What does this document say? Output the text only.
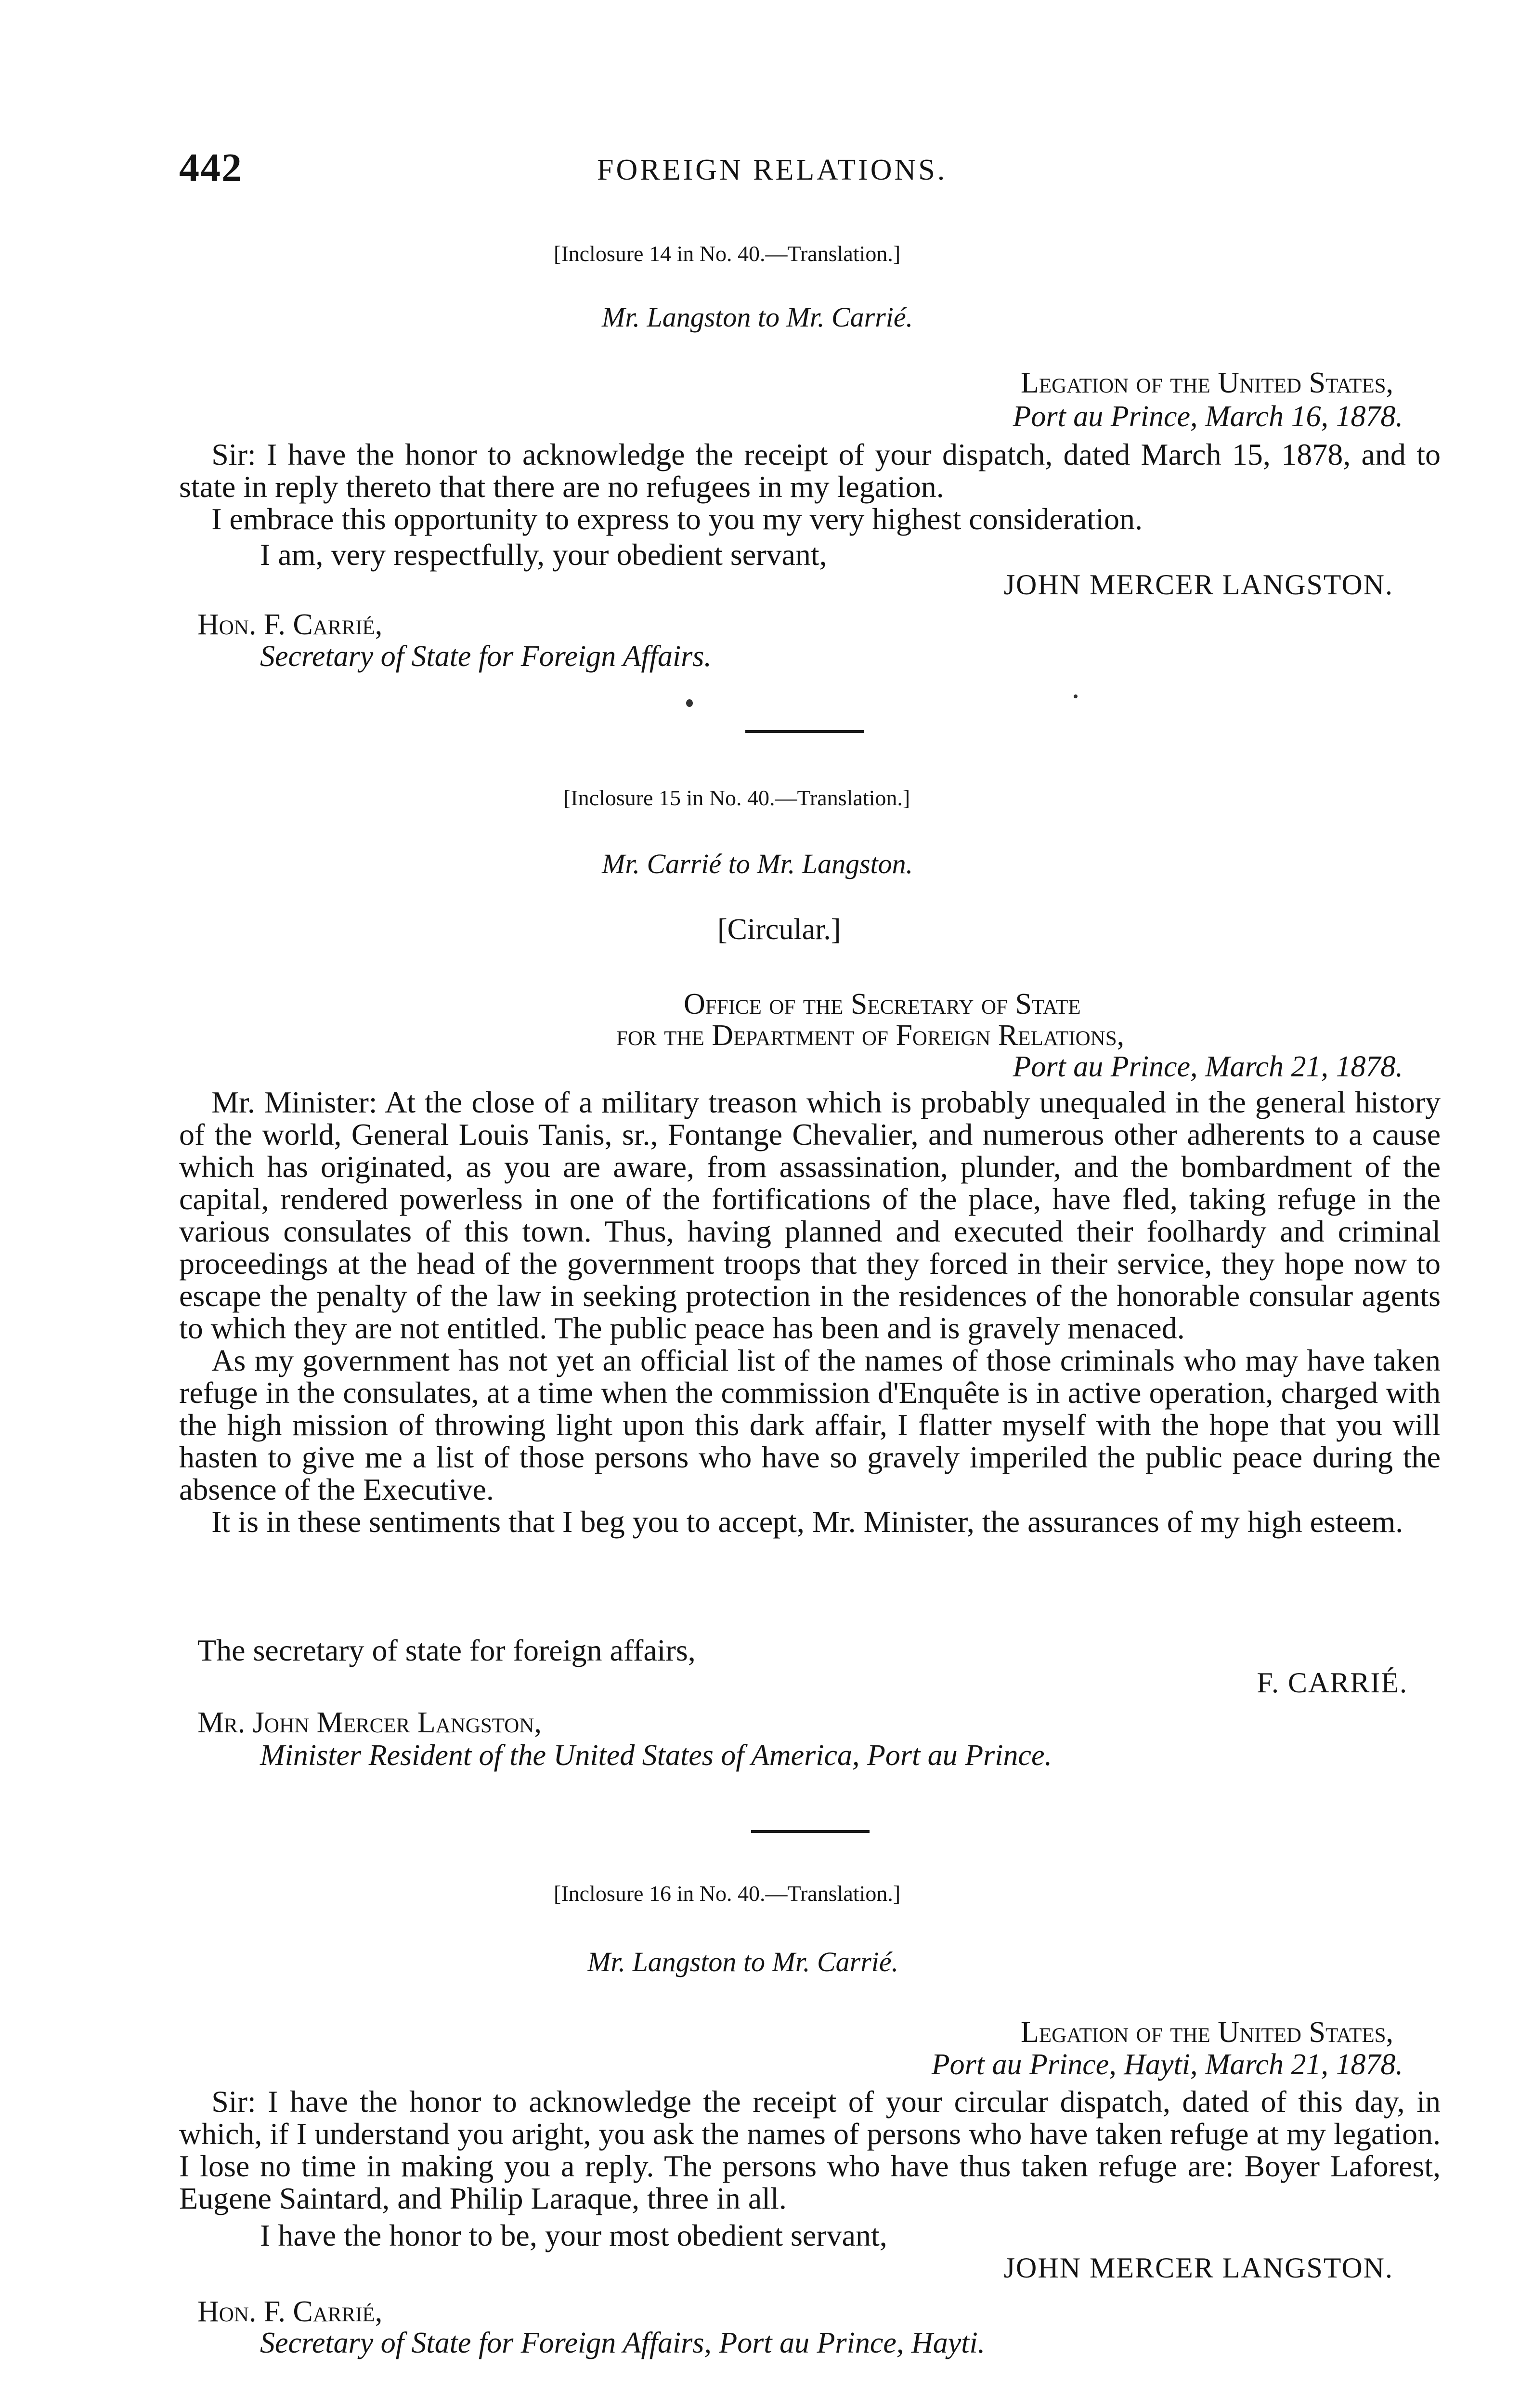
442	FOREIGN RELATIONS.
[Inclosure 14 in No. 40.—Translation.]
Mr. Langston to Mr. Carrié.
Legation of the United States,
Port au Prince, March 16, 1878.
Sir: I have the honor to acknowledge the receipt of your dispatch, dated March 15, 1878, and to state in reply thereto that there are no refugees in my legation.
I embrace this opportunity to express to you my very highest consideration.
I am, very respectfully, your obedient servant,
JOHN MERCER LANGSTON.
Hon. F. Carrié,
Secretary of State for Foreign Affairs.
[Inclosure 15 in No. 40.—Translation.]
Mr. Carrié to Mr. Langston.
[Circular.]
Office of the Secretary of State
for the Department of Foreign Relations,
Port au Prince, March 21, 1878.
Mr. Minister: At the close of a military treason which is probably unequaled in the general history of the world, General Louis Tanis, sr., Fontange Chevalier, and numerous other adherents to a cause which has originated, as you are aware, from assassination, plunder, and the bombardment of the capital, rendered powerless in one of the fortifications of the place, have fled, taking refuge in the various consulates of this town. Thus, having planned and executed their foolhardy and criminal proceedings at the head of the government troops that they forced in their service, they hope now to escape the penalty of the law in seeking protection in the residences of the honorable consular agents to which they are not entitled. The public peace has been and is gravely menaced.
As my government has not yet an official list of the names of those criminals who may have taken refuge in the consulates, at a time when the commission d'Enquête is in active operation, charged with the high mission of throwing light upon this dark affair, I flatter myself with the hope that you will hasten to give me a list of those persons who have so gravely imperiled the public peace during the absence of the Executive.
It is in these sentiments that I beg you to accept, Mr. Minister, the assurances of my high esteem.
The secretary of state for foreign affairs,
F. CARRIÉ.
Mr. John Mercer Langston,
Minister Resident of the United States of America, Port au Prince.
[Inclosure 16 in No. 40.—Translation.]
Mr. Langston to Mr. Carrié.
Legation of the United States,
Port au Prince, Hayti, March 21, 1878.
Sir: I have the honor to acknowledge the receipt of your circular dispatch, dated of this day, in which, if I understand you aright, you ask the names of persons who have taken refuge at my legation. I lose no time in making you a reply. The persons who have thus taken refuge are: Boyer Laforest, Eugene Saintard, and Philip Laraque, three in all.
I have the honor to be, your most obedient servant,
JOHN MERCER LANGSTON.
Hon. F. Carrié,
Secretary of State for Foreign Affairs, Port au Prince, Hayti.
